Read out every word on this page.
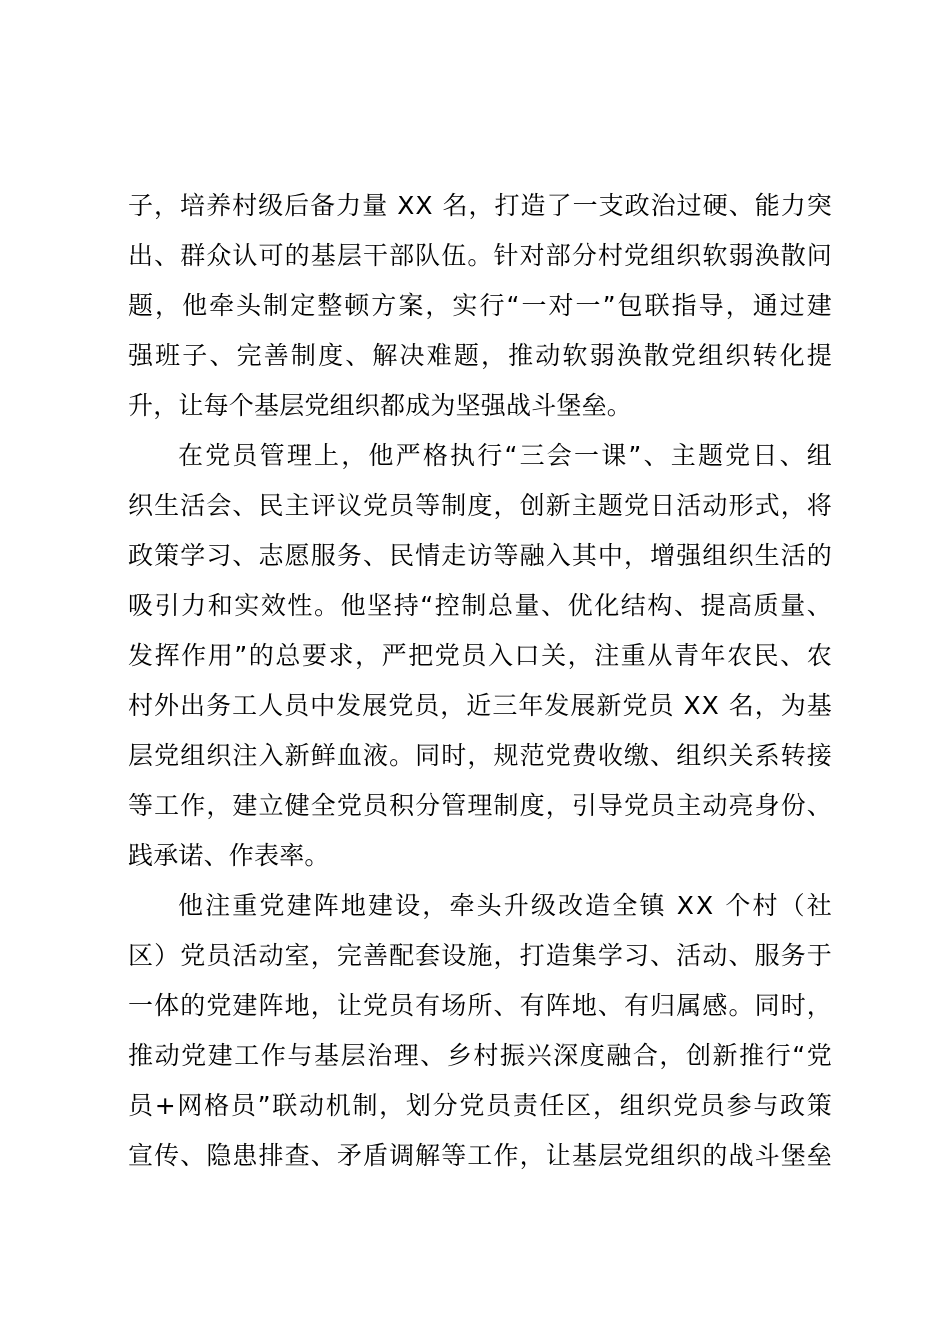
子，培养村级后备力量 XX 名，打造了一支政治过硬、能力突
出、群众认可的基层干部队伍。针对部分村党组织软弱涣散问
题，他牵头制定整顿方案，实行“一对一”包联指导，通过建
强班子、完善制度、解决难题，推动软弱涣散党组织转化提
升，让每个基层党组织都成为坚强战斗堡垒。
在党员管理上，他严格执行“三会一课”、主题党日、组
织生活会、民主评议党员等制度，创新主题党日活动形式，将
政策学习、志愿服务、民情走访等融入其中，增强组织生活的
吸引力和实效性。他坚持“控制总量、优化结构、提高质量、
发挥作用”的总要求，严把党员入口关，注重从青年农民、农
村外出务工人员中发展党员，近三年发展新党员 XX 名，为基
层党组织注入新鲜血液。同时，规范党费收缴、组织关系转接
等工作，建立健全党员积分管理制度，引导党员主动亮身份、
践承诺、作表率。
他注重党建阵地建设，牵头升级改造全镇 XX 个村（社
区）党员活动室，完善配套设施，打造集学习、活动、服务于
一体的党建阵地，让党员有场所、有阵地、有归属感。同时，
推动党建工作与基层治理、乡村振兴深度融合，创新推行“党
员+网格员”联动机制，划分党员责任区，组织党员参与政策
宣传、隐患排查、矛盾调解等工作，让基层党组织的战斗堡垒
